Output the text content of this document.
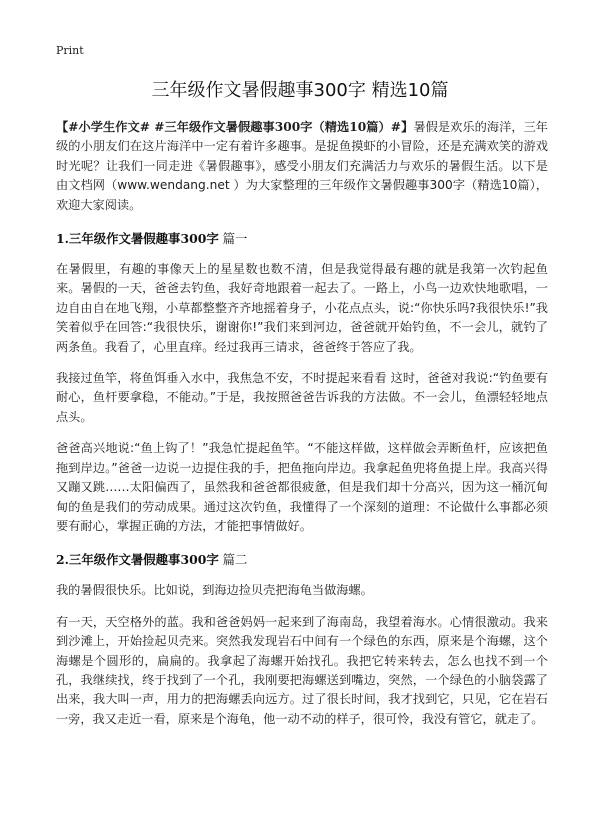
Print
三年级作文暑假趣事300字 精选10篇

【#小学生作文# #三年级作文暑假趣事300字（精选10篇）#】暑假是欢乐的海洋，三年级的小朋友们在这片海洋中一定有着许多趣事。是捉鱼摸虾的小冒险，还是充满欢笑的游戏时光呢？让我们一同走进《暑假趣事》，感受小朋友们充满活力与欢乐的暑假生活。以下是由文档网（www.wendang.net ）为大家整理的三年级作文暑假趣事300字（精选10篇），欢迎大家阅读。

1.三年级作文暑假趣事300字 篇一

在暑假里，有趣的事像天上的星星数也数不清，但是我觉得最有趣的就是我第一次钓起鱼来。暑假的一天，爸爸去钓鱼，我好奇地跟着一起去了。一路上，小鸟一边欢快地歌唱，一边自由自在地飞翔，小草都整整齐齐地摇着身子，小花点点头，说:“你快乐吗?我很快乐!”我笑着似乎在回答:“我很快乐，谢谢你!”我们来到河边，爸爸就开始钓鱼，不一会儿，就钓了两条鱼。我看了，心里直痒。经过我再三请求，爸爸终于答应了我。

我接过鱼竿，将鱼饵垂入水中，我焦急不安，不时提起来看看 这时，爸爸对我说:“钓鱼要有耐心，鱼杆要拿稳，不能动。”于是，我按照爸爸告诉我的方法做。不一会儿，鱼漂轻轻地点点头。

爸爸高兴地说:“鱼上钩了！”我急忙提起鱼竿。“不能这样做，这样做会弄断鱼杆，应该把鱼拖到岸边。”爸爸一边说一边提住我的手，把鱼拖向岸边。我拿起鱼兜将鱼提上岸。我高兴得又蹦又跳……太阳偏西了，虽然我和爸爸都很疲惫，但是我们却十分高兴，因为这一桶沉甸甸的鱼是我们的劳动成果。通过这次钓鱼，我懂得了一个深刻的道理：不论做什么事都必须要有耐心，掌握正确的方法，才能把事情做好。

2.三年级作文暑假趣事300字 篇二

我的暑假很快乐。比如说，到海边捡贝壳把海龟当做海螺。

有一天，天空格外的蓝。我和爸爸妈妈一起来到了海南岛，我望着海水。心情很激动。我来到沙滩上，开始捡起贝壳来。突然我发现岩石中间有一个绿色的东西，原来是个海螺，这个海螺是个圆形的，扁扁的。我拿起了海螺开始找孔。我把它转来转去，怎么也找不到一个孔，我继续找，终于找到了一个孔，我刚要把海螺送到嘴边，突然，一个绿色的小脑袋露了出来，我大叫一声，用力的把海螺丢向远方。过了很长时间，我才找到它，只见，它在岩石一旁，我又走近一看，原来是个海龟，他一动不动的样子，很可怜，我没有管它，就走了。
